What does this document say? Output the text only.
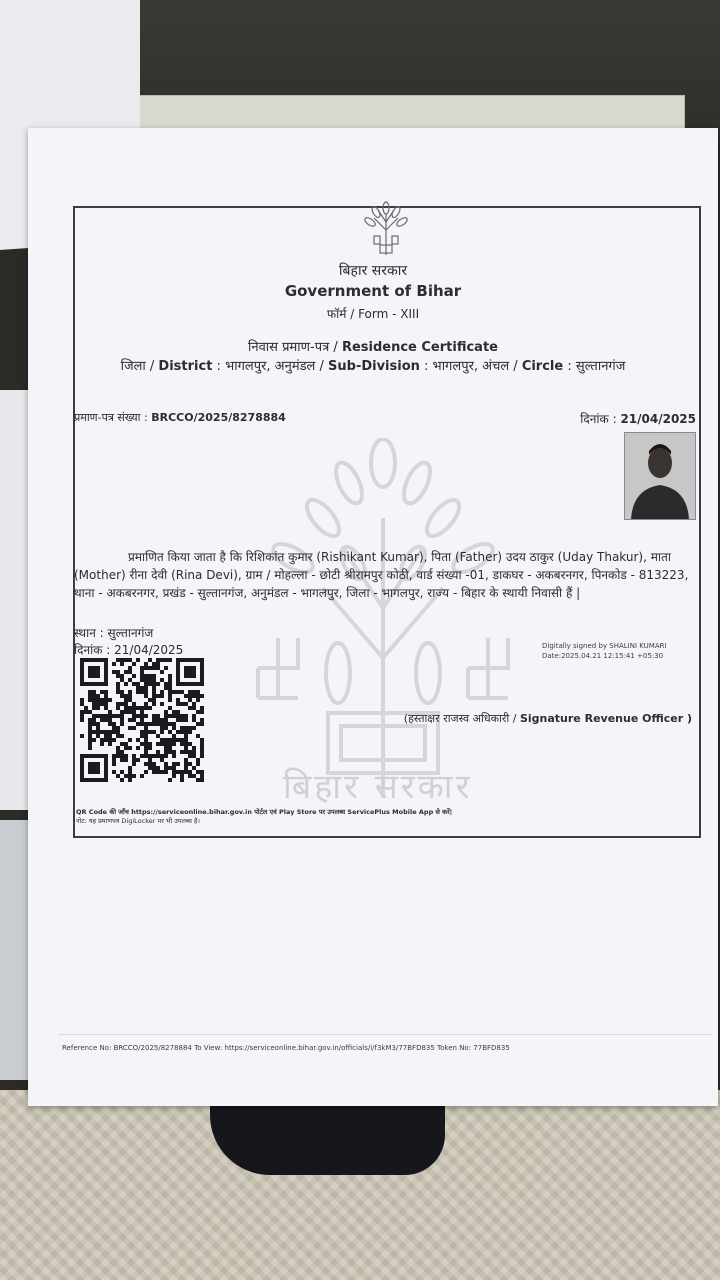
बिहार सरकार
बिहार सरकार
Government of Bihar
फॉर्म / Form - XIII
निवास प्रमाण-पत्र / Residence Certificate
जिला / District : भागलपुर, अनुमंडल / Sub-Division : भागलपुर, अंचल / Circle : सुल्तानगंज
प्रमाण-पत्र संख्या : BRCCO/2025/8278884	दिनांक : 21/04/2025

प्रमाणित किया जाता है कि रिशिकांत कुमार (Rishikant Kumar), पिता (Father) उदय ठाकुर (Uday Thakur), माता (Mother) रीना देवी (Rina Devi), ग्राम / मोहल्ला - छोटी श्रीरामपुर कोठी, वार्ड संख्या -01, डाकघर - अकबरनगर, पिनकोड - 813223, थाना - अकबरनगर, प्रखंड - सुल्तानगंज, अनुमंडल - भागलपुर, जिला - भागलपुर, राज्य - बिहार के स्थायी निवासी हैं |

स्थान : सुल्तानगंज
दिनांक : 21/04/2025	Digitally signed by SHALINI KUMARI
Date:2025.04.21 12:15:41 +05:30
(हस्ताक्षर राजस्व अधिकारी / Signature Revenue Officer )
QR Code की जाँच https://serviceonline.bihar.gov.in पोर्टल एवं Play Store पर उपलब्ध ServicePlus Mobile App से करें|
नोट: यह प्रमाणपत्र DigiLocker पर भी उपलब्ध है।
Reference No: BRCCO/2025/8278884 To View: https://serviceonline.bihar.gov.in/officials/i/f3kM3/77BFD835 Token No: 77BFD835
